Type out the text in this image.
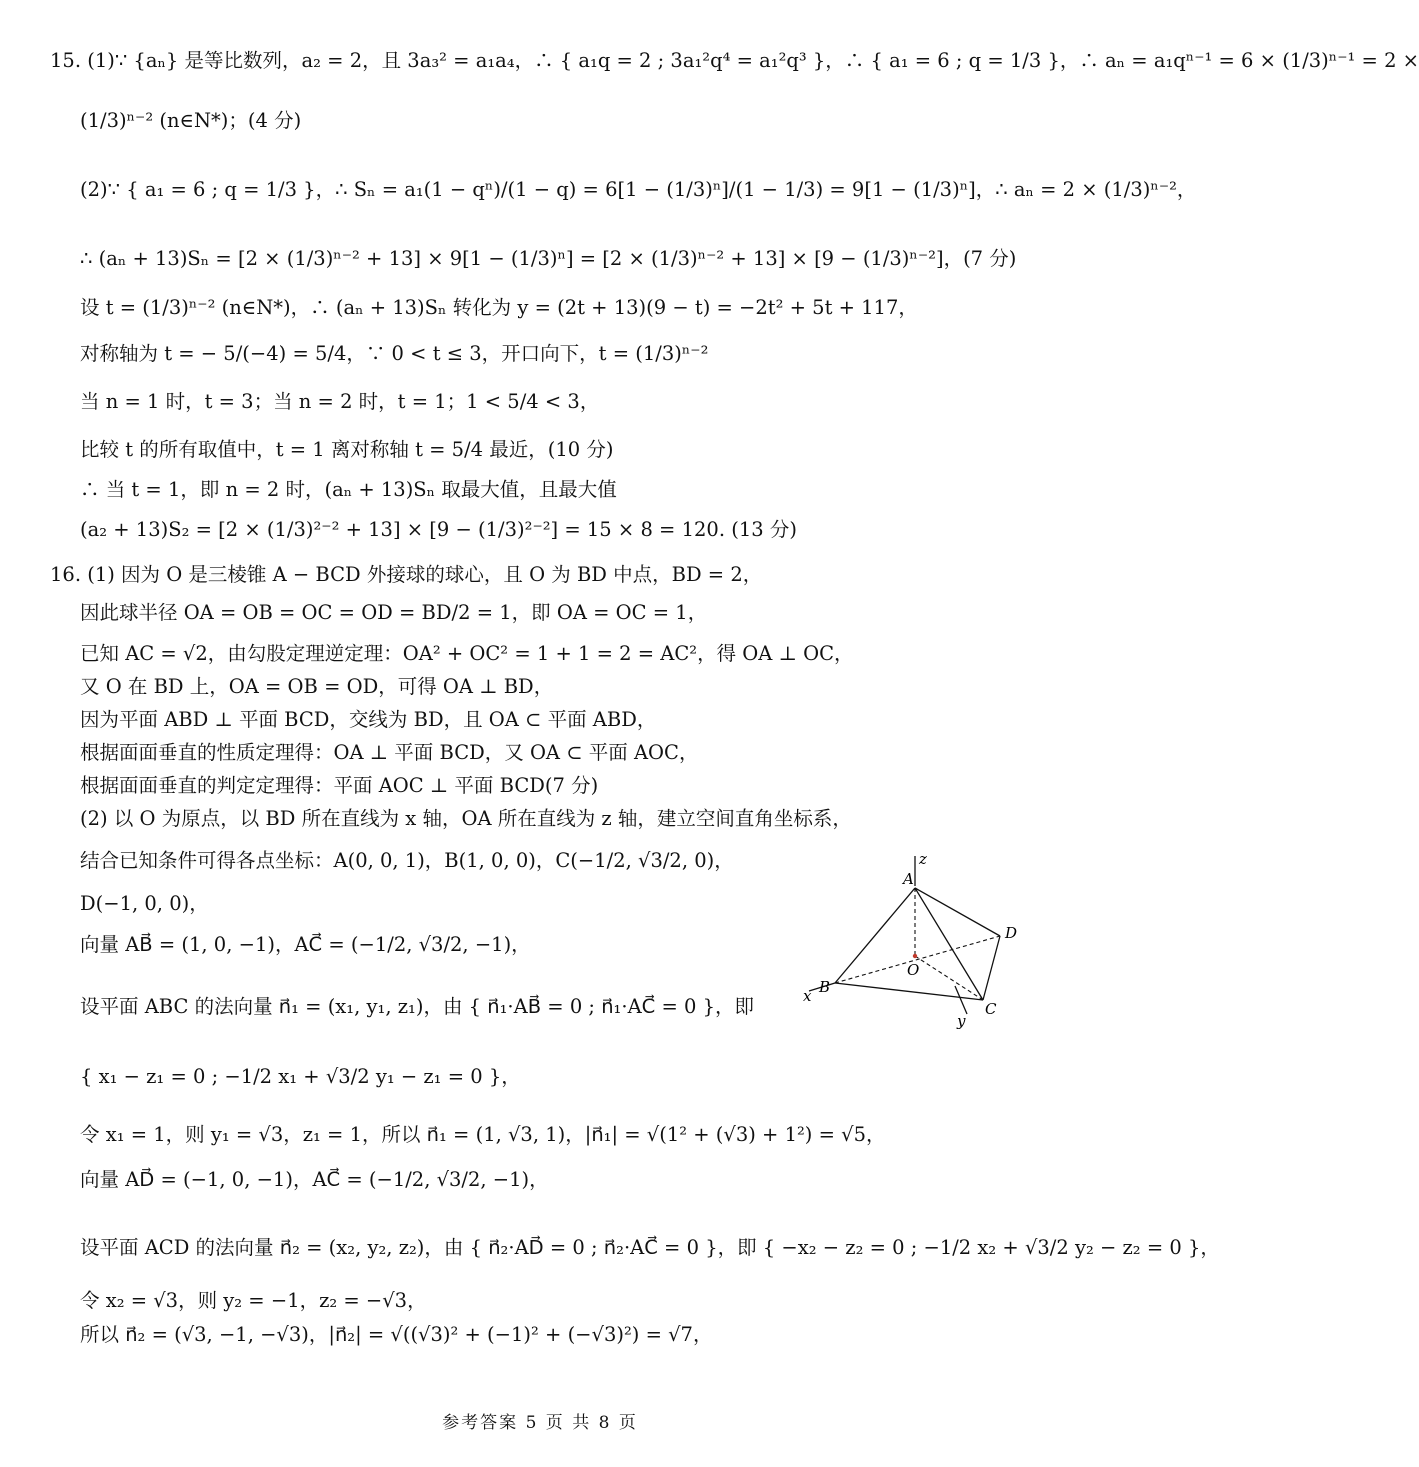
15. (1)∵ {aₙ} 是等比数列，a₂ = 2，且 3a₃² = a₁a₄，∴ { a₁q = 2 ; 3a₁²q⁴ = a₁²q³ }，∴ { a₁ = 6 ; q = 1/3 }，∴ aₙ = a₁qⁿ⁻¹ = 6 × (1/3)ⁿ⁻¹ = 2 ×
(1/3)ⁿ⁻² (n∈N*)；(4 分)
(2)∵ { a₁ = 6 ; q = 1/3 }，∴ Sₙ = a₁(1 − qⁿ)/(1 − q) = 6[1 − (1/3)ⁿ]/(1 − 1/3) = 9[1 − (1/3)ⁿ]，∴ aₙ = 2 × (1/3)ⁿ⁻²，
∴ (aₙ + 13)Sₙ = [2 × (1/3)ⁿ⁻² + 13] × 9[1 − (1/3)ⁿ] = [2 × (1/3)ⁿ⁻² + 13] × [9 − (1/3)ⁿ⁻²]，(7 分)
设 t = (1/3)ⁿ⁻² (n∈N*)，∴ (aₙ + 13)Sₙ 转化为 y = (2t + 13)(9 − t) = −2t² + 5t + 117，
对称轴为 t = − 5/(−4) = 5/4，∵ 0 < t ≤ 3，开口向下，t = (1/3)ⁿ⁻²
当 n = 1 时，t = 3；当 n = 2 时，t = 1；1 < 5/4 < 3，
比较 t 的所有取值中，t = 1 离对称轴 t = 5/4 最近，(10 分)
∴ 当 t = 1，即 n = 2 时，(aₙ + 13)Sₙ 取最大值，且最大值
(a₂ + 13)S₂ = [2 × (1/3)²⁻² + 13] × [9 − (1/3)²⁻²] = 15 × 8 = 120. (13 分)
16. (1) 因为 O 是三棱锥 A − BCD 外接球的球心，且 O 为 BD 中点，BD = 2，
因此球半径 OA = OB = OC = OD = BD/2 = 1，即 OA = OC = 1，
已知 AC = √2，由勾股定理逆定理：OA² + OC² = 1 + 1 = 2 = AC²，得 OA ⊥ OC，
又 O 在 BD 上，OA = OB = OD，可得 OA ⊥ BD，
因为平面 ABD ⊥ 平面 BCD，交线为 BD，且 OA ⊂ 平面 ABD，
根据面面垂直的性质定理得：OA ⊥ 平面 BCD，又 OA ⊂ 平面 AOC，
根据面面垂直的判定定理得：平面 AOC ⊥ 平面 BCD(7 分)
(2) 以 O 为原点，以 BD 所在直线为 x 轴，OA 所在直线为 z 轴，建立空间直角坐标系，
结合已知条件可得各点坐标：A(0, 0, 1)，B(1, 0, 0)，C(−1/2, √3/2, 0)，
D(−1, 0, 0)，
向量 AB⃗ = (1, 0, −1)，AC⃗ = (−1/2, √3/2, −1)，
设平面 ABC 的法向量 n⃗₁ = (x₁, y₁, z₁)，由 { n⃗₁·AB⃗ = 0 ; n⃗₁·AC⃗ = 0 }，即
{ x₁ − z₁ = 0 ; −1/2 x₁ + √3/2 y₁ − z₁ = 0 }，
令 x₁ = 1，则 y₁ = √3，z₁ = 1，所以 n⃗₁ = (1, √3, 1)，|n⃗₁| = √(1² + (√3) + 1²) = √5，
向量 AD⃗ = (−1, 0, −1)，AC⃗ = (−1/2, √3/2, −1)，
设平面 ACD 的法向量 n⃗₂ = (x₂, y₂, z₂)，由 { n⃗₂·AD⃗ = 0 ; n⃗₂·AC⃗ = 0 }，即 { −x₂ − z₂ = 0 ; −1/2 x₂ + √3/2 y₂ − z₂ = 0 }，
令 x₂ = √3，则 y₂ = −1，z₂ = −√3，
所以 n⃗₂ = (√3, −1, −√3)，|n⃗₂| = √((√3)² + (−1)² + (−√3)²) = √7，
z
A
D
O
B
x
C
y
参考答案 5 页 共 8 页
